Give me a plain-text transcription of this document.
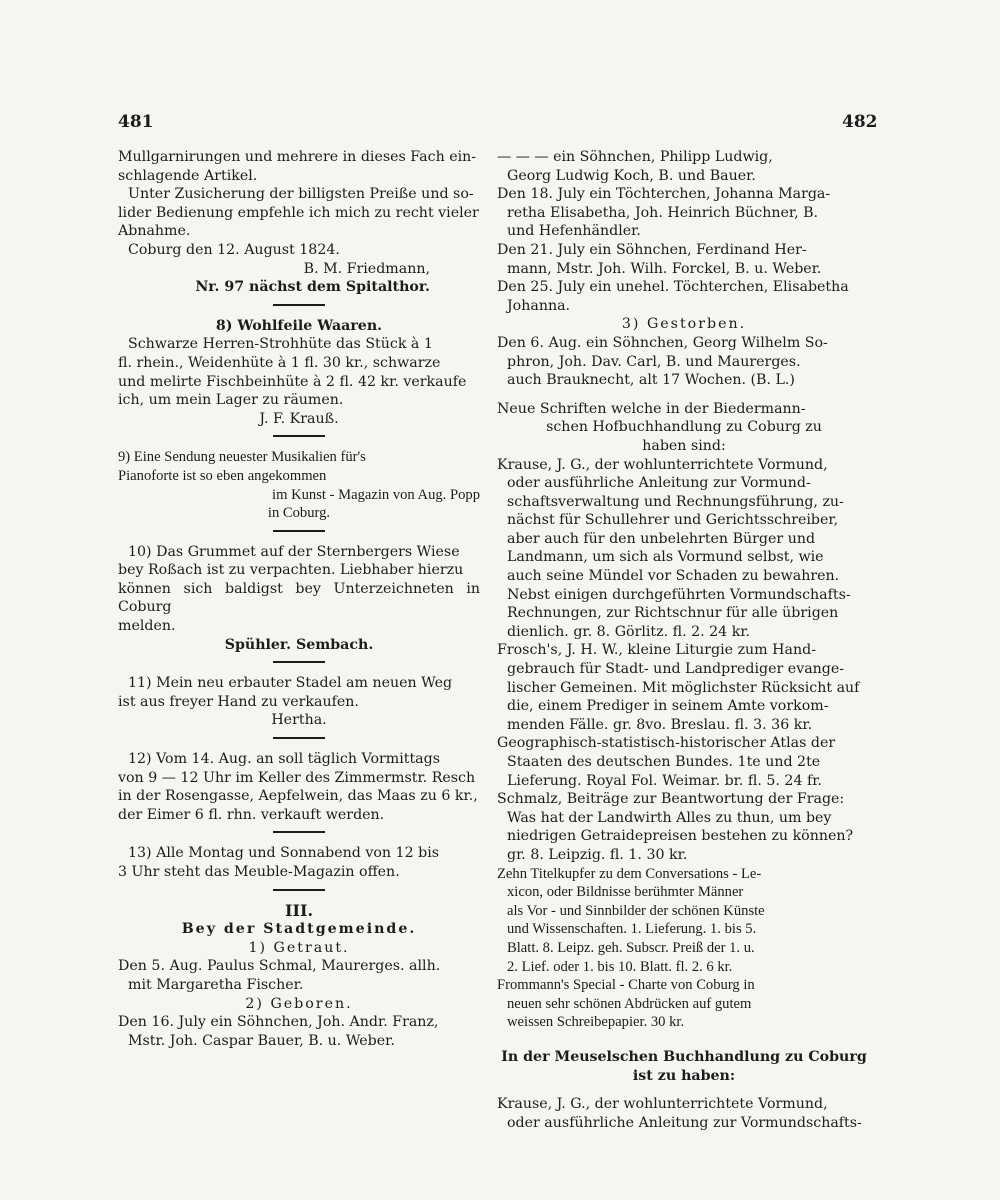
481	482

Mullgarnirungen und mehrere in dieses Fach ein-

schlagende Artikel.

Unter Zusicherung der billigsten Preiße und so-

lider Bedienung empfehle ich mich zu recht vieler

Abnahme.

Coburg den 12. August 1824.

B. M. Friedmann,

Nr. 97 nächst dem Spitalthor.

8) Wohlfeile Waaren.

Schwarze Herren-Strohhüte das Stück à 1

fl. rhein., Weidenhüte à 1 fl. 30 kr., schwarze

und melirte Fischbeinhüte à 2 fl. 42 kr. verkaufe

ich, um mein Lager zu räumen.

J. F. Krauß.

9) Eine Sendung neuester Musikalien für's

Pianoforte ist so eben angekommen

im Kunst - Magazin von Aug. Popp

in Coburg.

10) Das Grummet auf der Sternbergers Wiese

bey Roßach ist zu verpachten. Liebhaber hierzu

können sich baldigst bey Unterzeichneten in Coburg

melden.

Spühler. Sembach.

11) Mein neu erbauter Stadel am neuen Weg

ist aus freyer Hand zu verkaufen.

Hertha.

12) Vom 14. Aug. an soll täglich Vormittags

von 9 — 12 Uhr im Keller des Zimmermstr. Resch

in der Rosengasse, Aepfelwein, das Maas zu 6 kr.,

der Eimer 6 fl. rhn. verkauft werden.

13) Alle Montag und Sonnabend von 12 bis

3 Uhr steht das Meuble-Magazin offen.

III.

Bey der Stadtgemeinde.

1) Getraut.

Den 5. Aug. Paulus Schmal, Maurerges. allh.

mit Margaretha Fischer.

2) Geboren.

Den 16. July ein Söhnchen, Joh. Andr. Franz,

Mstr. Joh. Caspar Bauer, B. u. Weber.

— — — ein Söhnchen, Philipp Ludwig,

Georg Ludwig Koch, B. und Bauer.

Den 18. July ein Töchterchen, Johanna Marga-

retha Elisabetha, Joh. Heinrich Büchner, B.

und Hefenhändler.

Den 21. July ein Söhnchen, Ferdinand Her-

mann, Mstr. Joh. Wilh. Forckel, B. u. Weber.

Den 25. July ein unehel. Töchterchen, Elisabetha

Johanna.

3) Gestorben.

Den 6. Aug. ein Söhnchen, Georg Wilhelm So-

phron, Joh. Dav. Carl, B. und Maurerges.

auch Brauknecht, alt 17 Wochen. (B. L.)

Neue Schriften welche in der Biedermann-

schen Hofbuchhandlung zu Coburg zu

haben sind:

Krause, J. G., der wohlunterrichtete Vormund,

oder ausführliche Anleitung zur Vormund-

schaftsverwaltung und Rechnungsführung, zu-

nächst für Schullehrer und Gerichtsschreiber,

aber auch für den unbelehrten Bürger und

Landmann, um sich als Vormund selbst, wie

auch seine Mündel vor Schaden zu bewahren.

Nebst einigen durchgeführten Vormundschafts-

Rechnungen, zur Richtschnur für alle übrigen

dienlich. gr. 8. Görlitz. fl. 2. 24 kr.

Frosch's, J. H. W., kleine Liturgie zum Hand-

gebrauch für Stadt- und Landprediger evange-

lischer Gemeinen. Mit möglichster Rücksicht auf

die, einem Prediger in seinem Amte vorkom-

menden Fälle. gr. 8vo. Breslau. fl. 3. 36 kr.

Geographisch-statistisch-historischer Atlas der

Staaten des deutschen Bundes. 1te und 2te

Lieferung. Royal Fol. Weimar. br. fl. 5. 24 fr.

Schmalz, Beiträge zur Beantwortung der Frage:

Was hat der Landwirth Alles zu thun, um bey

niedrigen Getraidepreisen bestehen zu können?

gr. 8. Leipzig. fl. 1. 30 kr.

Zehn Titelkupfer zu dem Conversations - Le-

xicon, oder Bildnisse berühmter Männer

als Vor - und Sinnbilder der schönen Künste

und Wissenschaften. 1. Lieferung. 1. bis 5.

Blatt. 8. Leipz. geh. Subscr. Preiß der 1. u.

2. Lief. oder 1. bis 10. Blatt. fl. 2. 6 kr.

Frommann's Special - Charte von Coburg in

neuen sehr schönen Abdrücken auf gutem

weissen Schreibepapier. 30 kr.

In der Meuselschen Buchhandlung zu Coburg

ist zu haben:

Krause, J. G., der wohlunterrichtete Vormund,

oder ausführliche Anleitung zur Vormundschafts-
